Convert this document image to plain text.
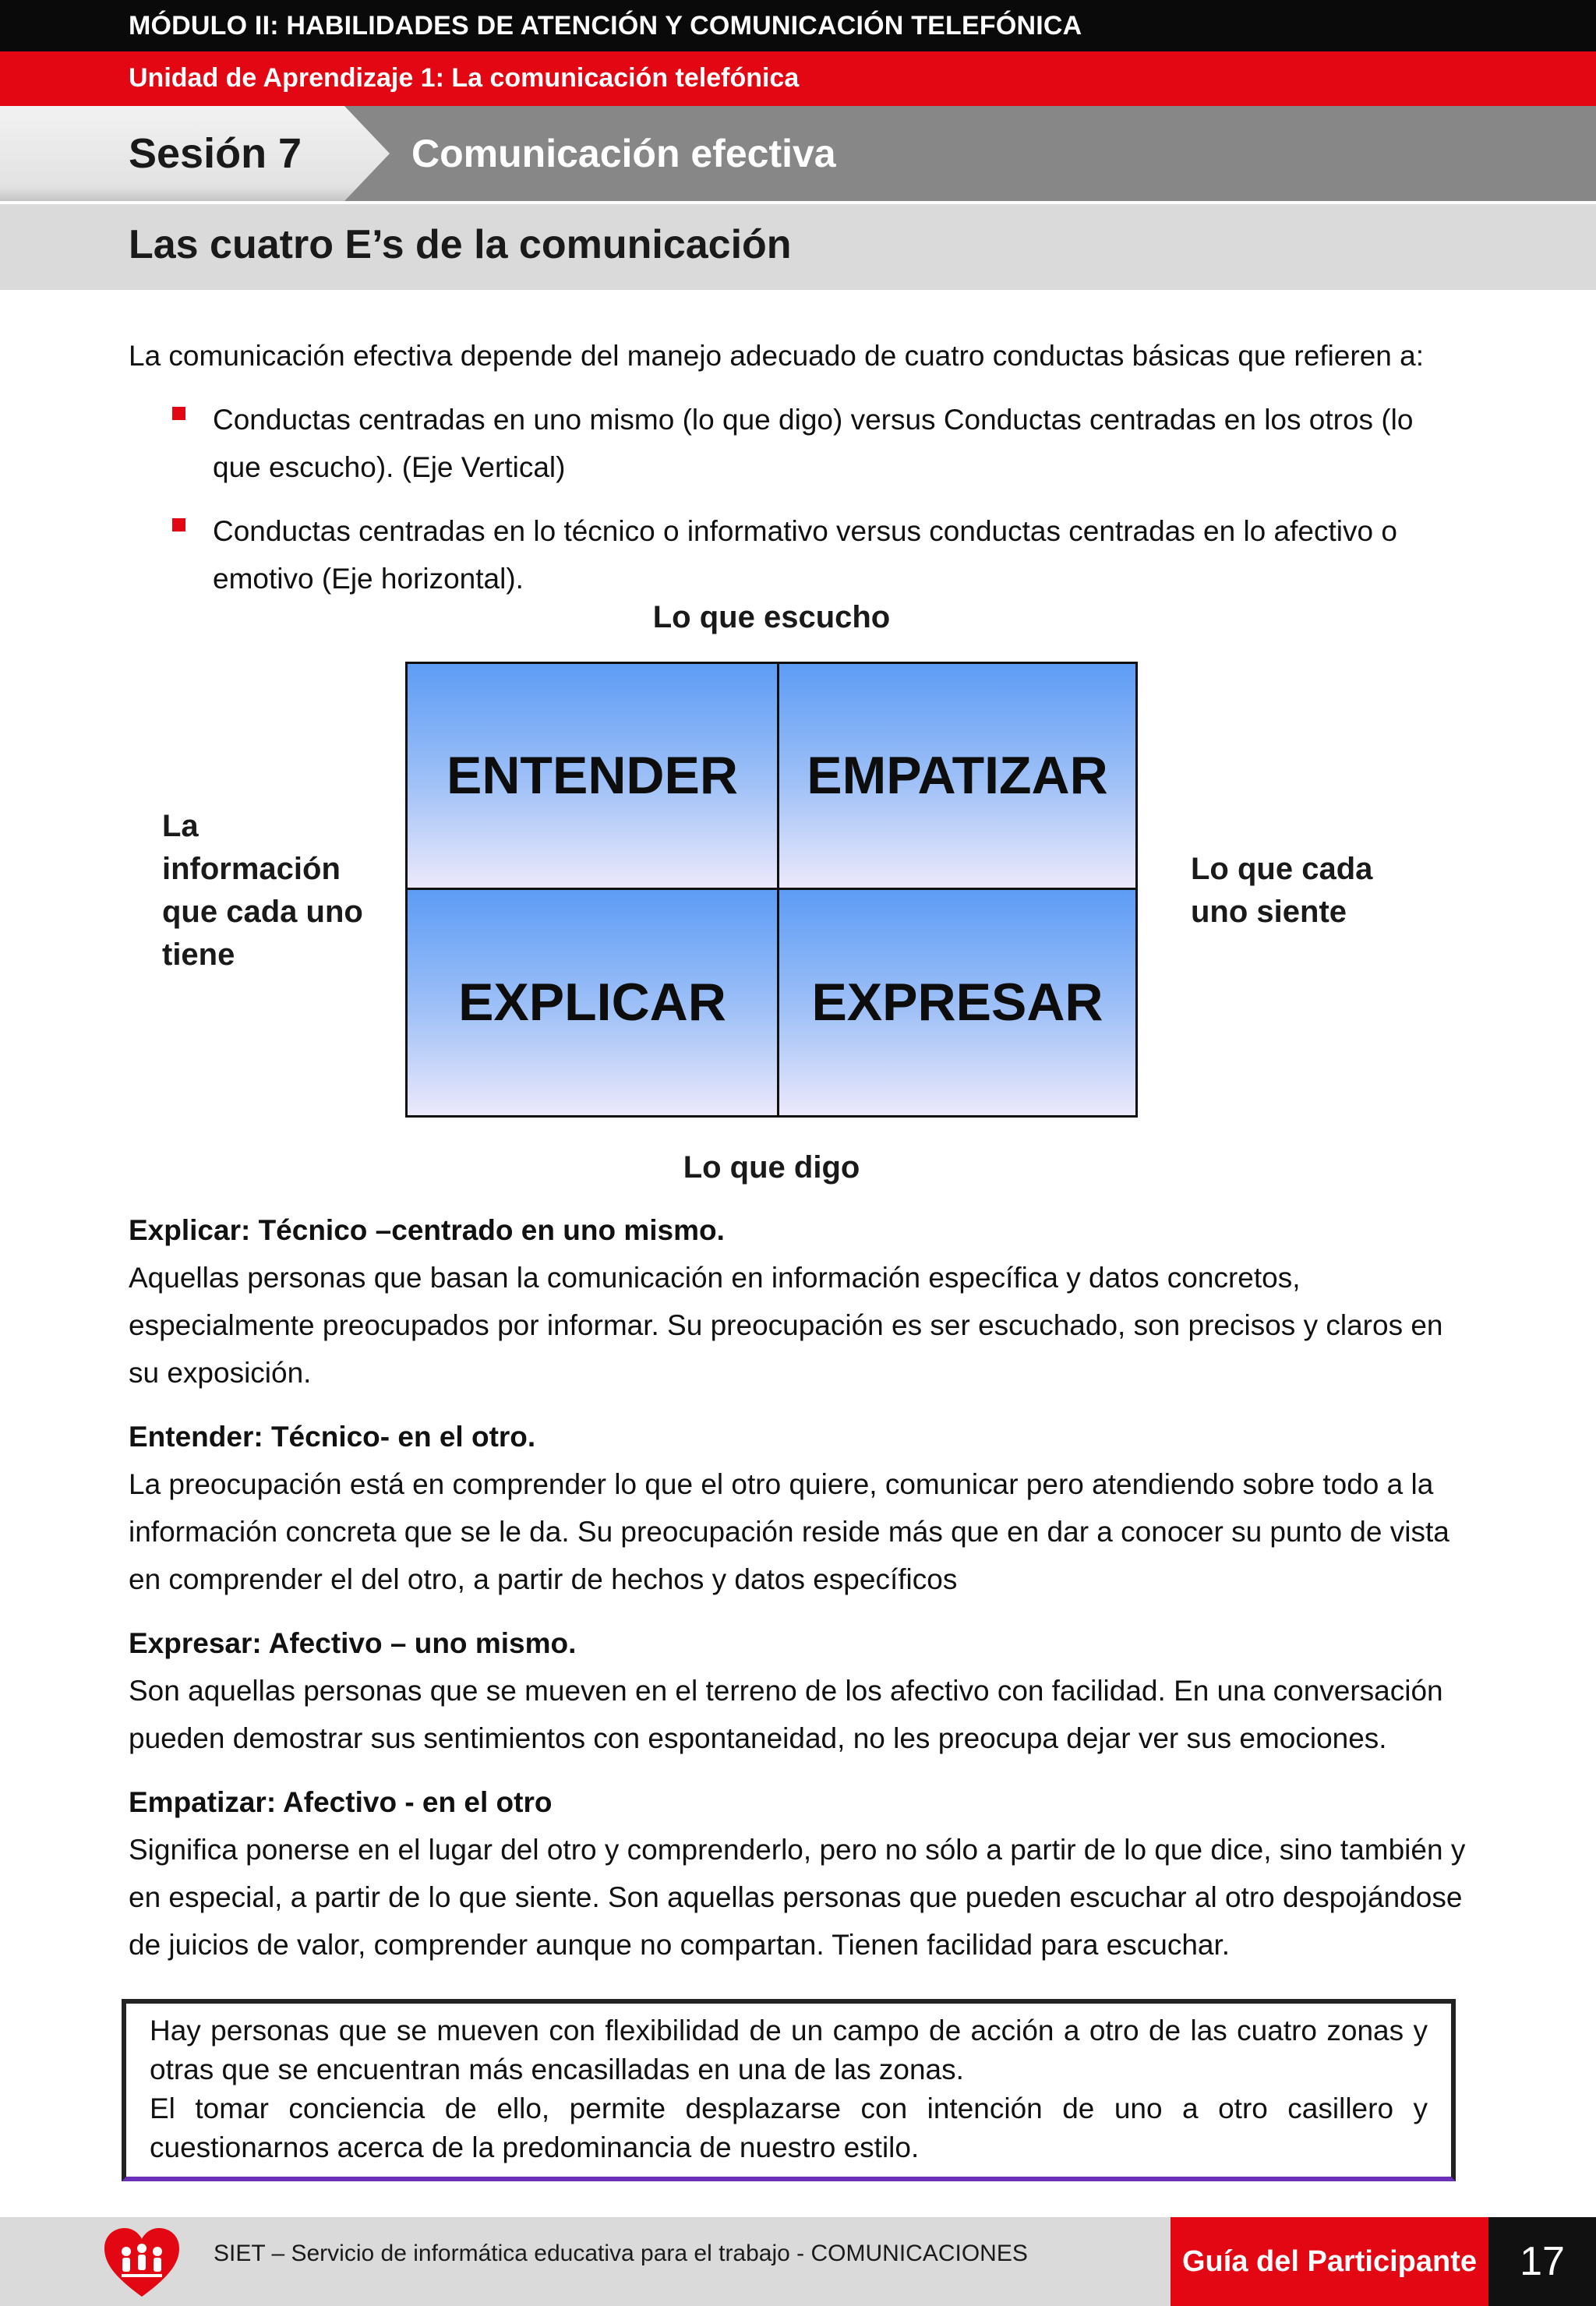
MÓDULO II: HABILIDADES DE ATENCIÓN Y COMUNICACIÓN TELEFÓNICA
Unidad de Aprendizaje 1: La comunicación telefónica
Sesión 7	Comunicación efectiva
Las cuatro E’s de la comunicación

La comunicación efectiva depende del manejo adecuado de cuatro conductas básicas que refieren a:

Conductas centradas en uno mismo (lo que digo) versus Conductas centradas en los otros (lo que escucho). (Eje Vertical)

Conductas centradas en lo técnico o informativo versus conductas centradas en lo afectivo o emotivo (Eje horizontal).

Lo que escucho
La información que cada uno tiene
Lo que cada uno siente
ENTENDER	EMPATIZAR
EXPLICAR	EXPRESAR
Lo que digo

Explicar: Técnico –centrado en uno mismo.

Aquellas personas que basan la comunicación en información específica y datos concretos, especialmente preocupados por informar. Su preocupación es ser escuchado, son precisos y claros en su exposición.

Entender: Técnico- en el otro.

La preocupación está en comprender lo que el otro quiere, comunicar pero atendiendo sobre todo a la información concreta que se le da. Su preocupación reside más que en dar a conocer su punto de vista en comprender el del otro, a partir de hechos y datos específicos

Expresar: Afectivo – uno mismo.

Son aquellas personas que se mueven en el terreno de los afectivo con facilidad. En una conversación pueden demostrar sus sentimientos con espontaneidad, no les preocupa dejar ver sus emociones.

Empatizar: Afectivo - en el otro

Significa ponerse en el lugar del otro y comprenderlo, pero no sólo a partir de lo que dice, sino también y en especial, a partir de lo que siente. Son aquellas personas que pueden escuchar al otro despojándose de juicios de valor, comprender aunque no compartan. Tienen facilidad para escuchar.

Hay personas que se mueven con flexibilidad de un campo de acción a otro de las cuatro zonas y otras que se encuentran más encasilladas en una de las zonas.

El tomar conciencia de ello, permite desplazarse con intención de uno a otro casillero y cuestionarnos acerca de la predominancia de nuestro estilo.

SIET – Servicio de informática educativa para el trabajo - COMUNICACIONES	Guía del Participante	17
